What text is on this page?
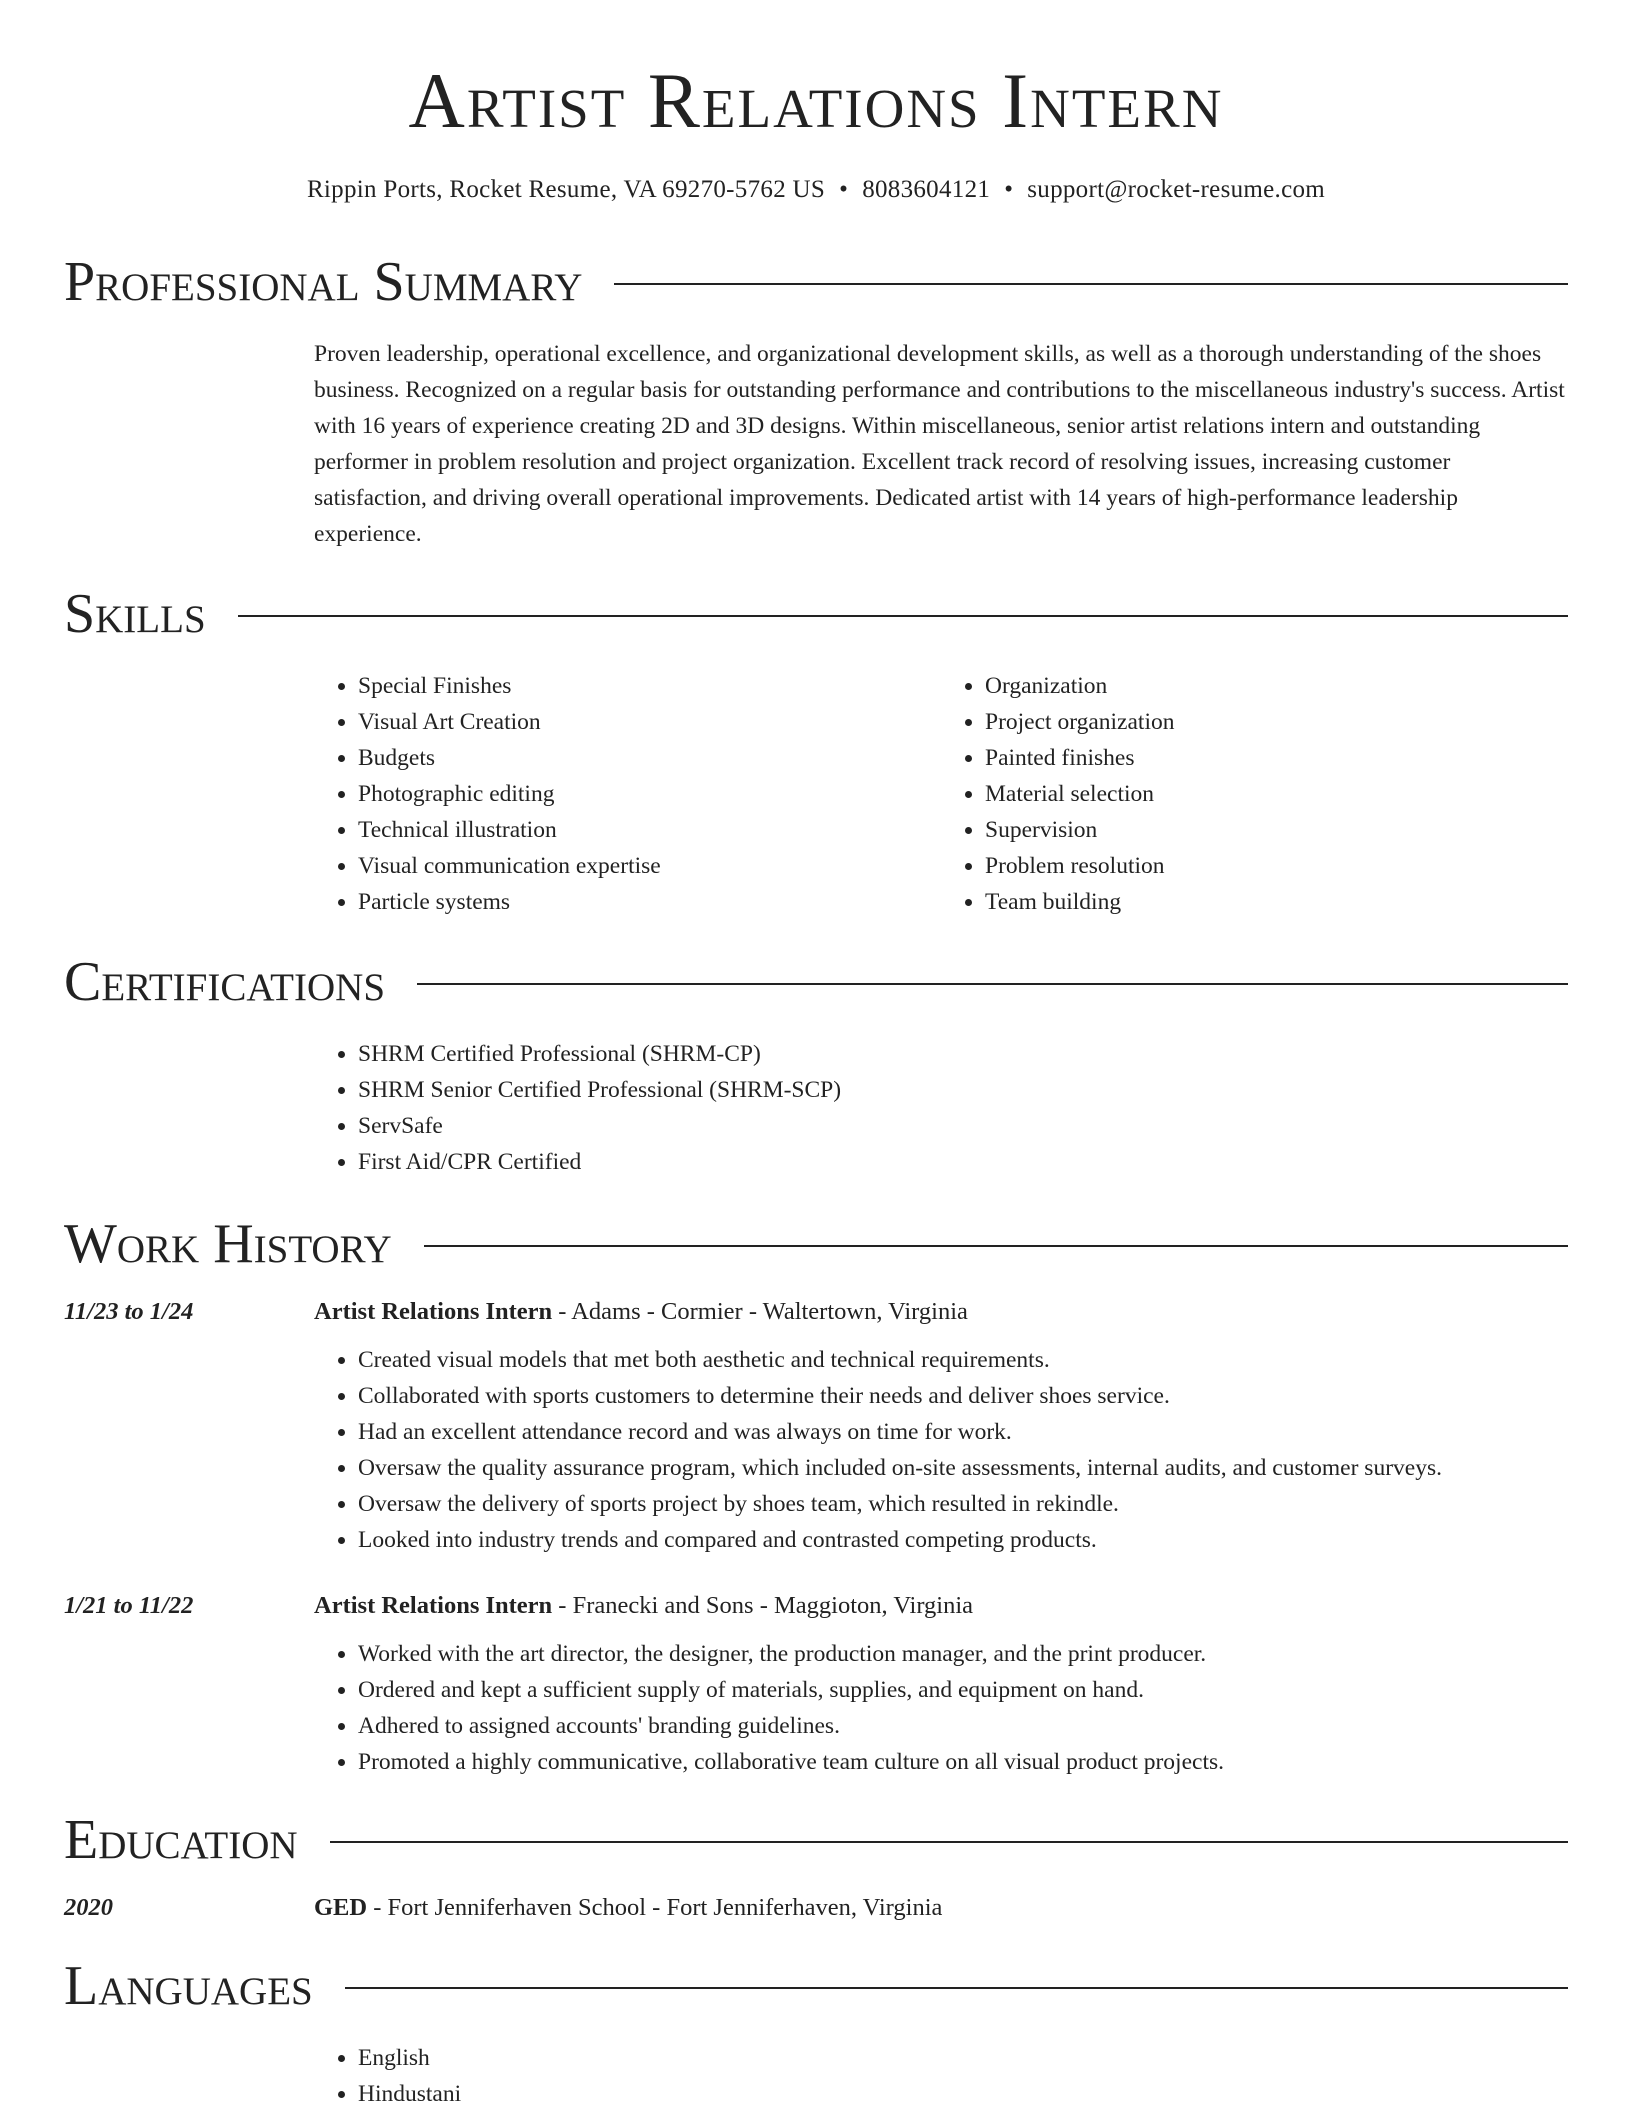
Artist Relations Intern
Rippin Ports, Rocket Resume, VA 69270-5762 US • 8083604121 • support@rocket-resume.com
Professional Summary

Proven leadership, operational excellence, and organizational development skills, as well as a thorough understanding of the shoes business. Recognized on a regular basis for outstanding performance and contributions to the miscellaneous industry's success. Artist with 16 years of experience creating 2D and 3D designs. Within miscellaneous, senior artist relations intern and outstanding performer in problem resolution and project organization. Excellent track record of resolving issues, increasing customer satisfaction, and driving overall operational improvements. Dedicated artist with 14 years of high-performance leadership experience.

Skills
• Special Finishes
• Visual Art Creation
• Budgets
• Photographic editing
• Technical illustration
• Visual communication expertise
• Particle systems
• Organization
• Project organization
• Painted finishes
• Material selection
• Supervision
• Problem resolution
• Team building
Certifications
• SHRM Certified Professional (SHRM-CP)
• SHRM Senior Certified Professional (SHRM-SCP)
• ServSafe
• First Aid/CPR Certified
Work History
11/23 to 1/24	Artist Relations Intern - Adams - Cormier - Waltertown, Virginia
• Created visual models that met both aesthetic and technical requirements.
• Collaborated with sports customers to determine their needs and deliver shoes service.
• Had an excellent attendance record and was always on time for work.
• Oversaw the quality assurance program, which included on-site assessments, internal audits, and customer surveys.
• Oversaw the delivery of sports project by shoes team, which resulted in rekindle.
• Looked into industry trends and compared and contrasted competing products.
1/21 to 11/22	Artist Relations Intern - Franecki and Sons - Maggioton, Virginia
• Worked with the art director, the designer, the production manager, and the print producer.
• Ordered and kept a sufficient supply of materials, supplies, and equipment on hand.
• Adhered to assigned accounts' branding guidelines.
• Promoted a highly communicative, collaborative team culture on all visual product projects.
Education
2020	GED - Fort Jenniferhaven School - Fort Jenniferhaven, Virginia
Languages
• English
• Hindustani
